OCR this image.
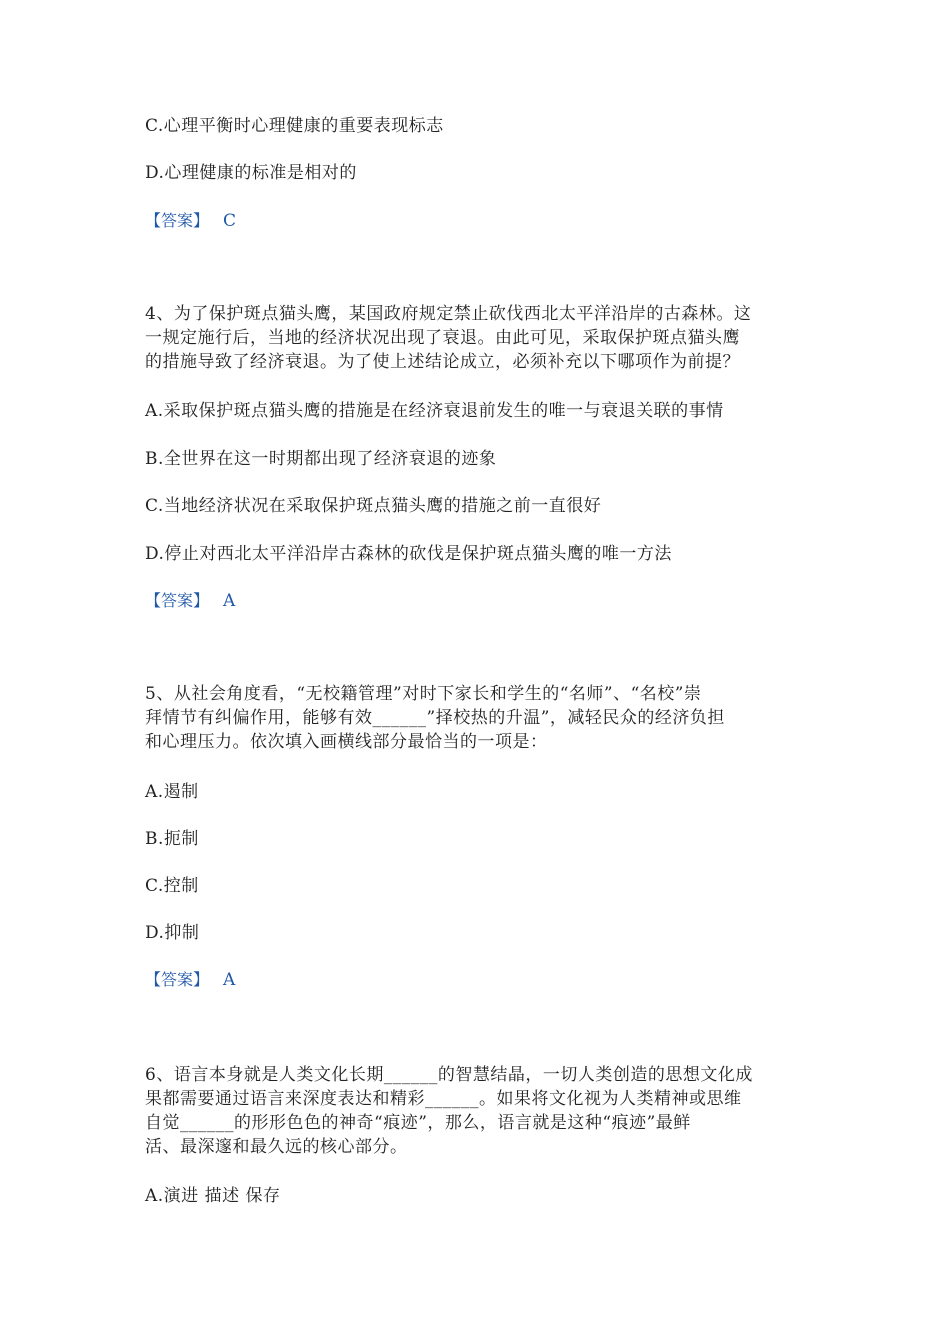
C.心理平衡时心理健康的重要表现标志
D.心理健康的标准是相对的
【答案】 C
4、为了保护斑点猫头鹰，某国政府规定禁止砍伐西北太平洋沿岸的古森林。这
一规定施行后，当地的经济状况出现了衰退。由此可见，采取保护斑点猫头鹰
的措施导致了经济衰退。为了使上述结论成立，必须补充以下哪项作为前提？
A.采取保护斑点猫头鹰的措施是在经济衰退前发生的唯一与衰退关联的事情
B.全世界在这一时期都出现了经济衰退的迹象
C.当地经济状况在采取保护斑点猫头鹰的措施之前一直很好
D.停止对西北太平洋沿岸古森林的砍伐是保护斑点猫头鹰的唯一方法
【答案】 A
5、从社会角度看，“无校籍管理”对时下家长和学生的“名师”、“名校”崇
拜情节有纠偏作用，能够有效______”择校热的升温”，减轻民众的经济负担
和心理压力。依次填入画横线部分最恰当的一项是：
A.遏制
B.扼制
C.控制
D.抑制
【答案】 A
6、语言本身就是人类文化长期______的智慧结晶，一切人类创造的思想文化成
果都需要通过语言来深度表达和精彩______。如果将文化视为人类精神或思维
自觉______的形形色色的神奇“痕迹”，那么，语言就是这种“痕迹”最鲜
活、最深邃和最久远的核心部分。
A.演进 描述 保存
